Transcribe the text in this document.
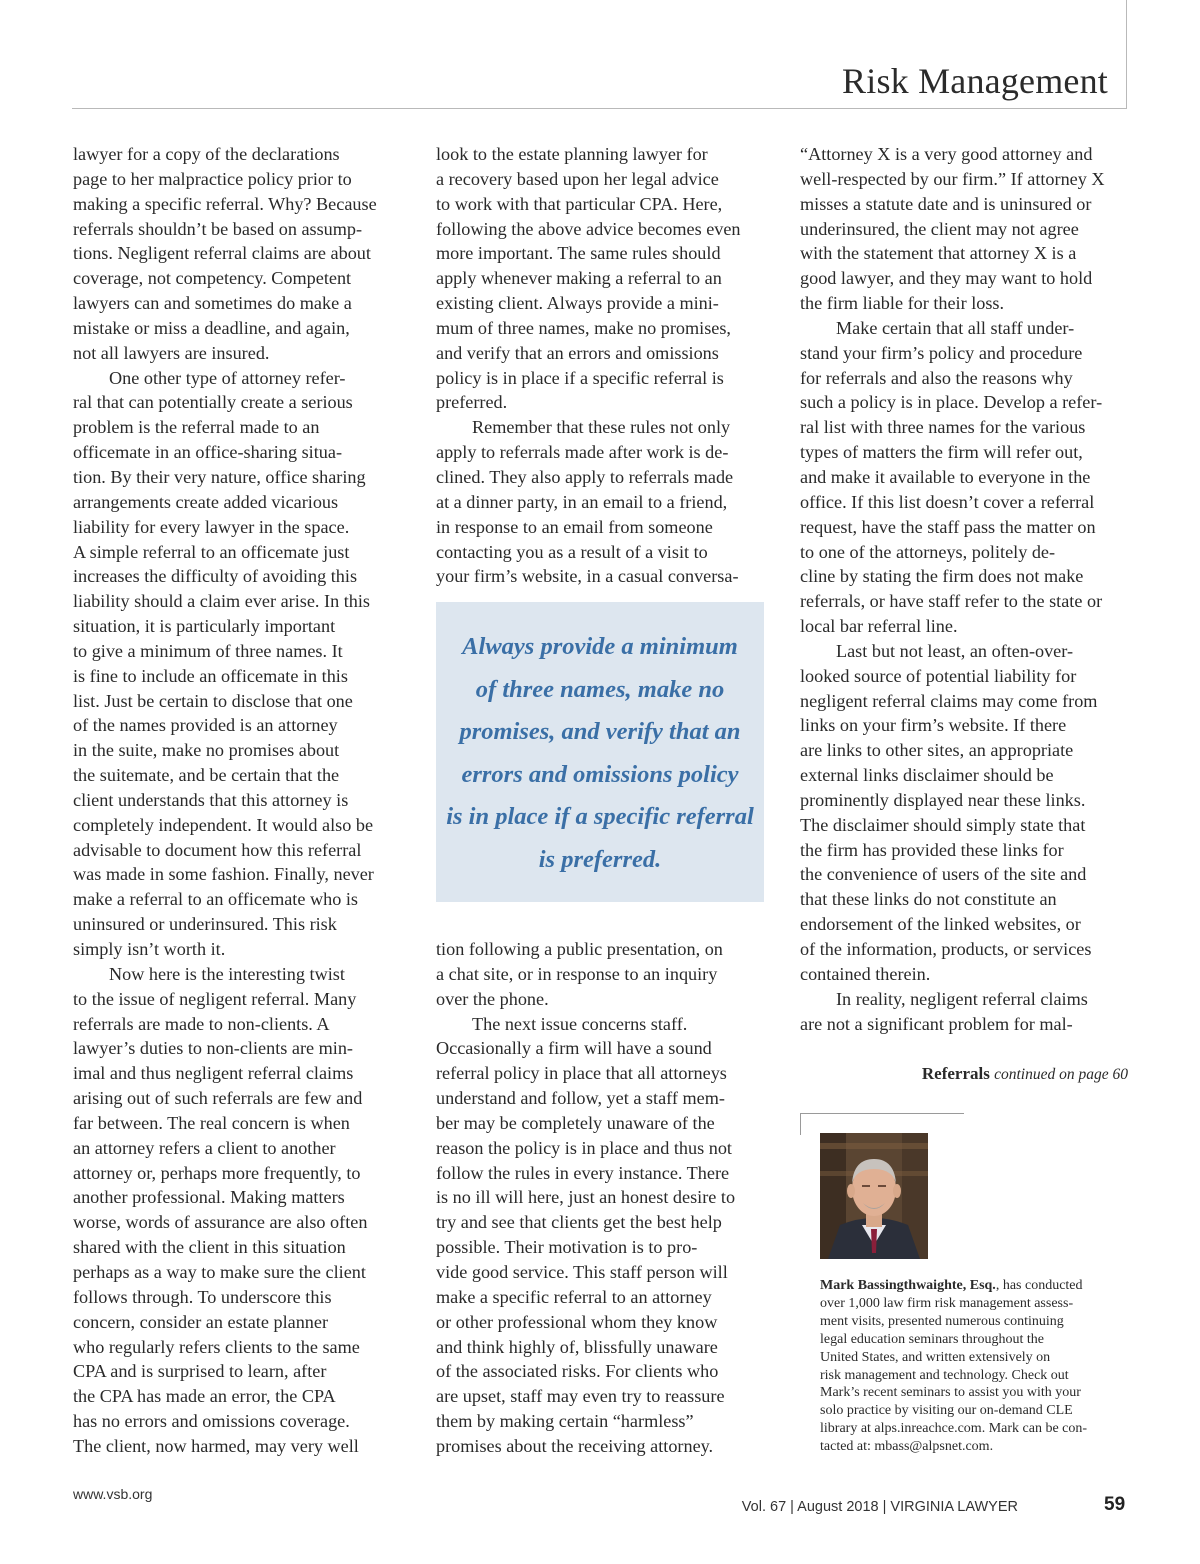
Risk Management

lawyer for a copy of the declarations
page to her malpractice policy prior to
making a specific referral. Why? Because
referrals shouldn’t be based on assump-
tions. Negligent referral claims are about
coverage, not competency. Competent
lawyers can and sometimes do make a
mistake or miss a deadline, and again,
not all lawyers are insured.

One other type of attorney refer-
ral that can potentially create a serious
problem is the referral made to an
officemate in an office-sharing situa-
tion. By their very nature, office sharing
arrangements create added vicarious
liability for every lawyer in the space.
A simple referral to an officemate just
increases the difficulty of avoiding this
liability should a claim ever arise. In this
situation, it is particularly important
to give a minimum of three names. It
is fine to include an officemate in this
list. Just be certain to disclose that one
of the names provided is an attorney
in the suite, make no promises about
the suitemate, and be certain that the
client understands that this attorney is
completely independent. It would also be
advisable to document how this referral
was made in some fashion. Finally, never
make a referral to an officemate who is
uninsured or underinsured. This risk
simply isn’t worth it.

Now here is the interesting twist
to the issue of negligent referral. Many
referrals are made to non-clients. A
lawyer’s duties to non-clients are min-
imal and thus negligent referral claims
arising out of such referrals are few and
far between. The real concern is when
an attorney refers a client to another
attorney or, perhaps more frequently, to
another professional. Making matters
worse, words of assurance are also often
shared with the client in this situation
perhaps as a way to make sure the client
follows through. To underscore this
concern, consider an estate planner
who regularly refers clients to the same
CPA and is surprised to learn, after
the CPA has made an error, the CPA
has no errors and omissions coverage.
The client, now harmed, may very well

look to the estate planning lawyer for
a recovery based upon her legal advice
to work with that particular CPA. Here,
following the above advice becomes even
more important. The same rules should
apply whenever making a referral to an
existing client. Always provide a mini-
mum of three names, make no promises,
and verify that an errors and omissions
policy is in place if a specific referral is
preferred.

Remember that these rules not only
apply to referrals made after work is de-
clined. They also apply to referrals made
at a dinner party, in an email to a friend,
in response to an email from someone
contacting you as a result of a visit to
your firm’s website, in a casual conversa-

Always provide a minimum
of three names, make no
promises, and verify that an
errors and omissions policy
is in place if a specific referral
is preferred.

tion following a public presentation, on
a chat site, or in response to an inquiry
over the phone.

The next issue concerns staff.
Occasionally a firm will have a sound
referral policy in place that all attorneys
understand and follow, yet a staff mem-
ber may be completely unaware of the
reason the policy is in place and thus not
follow the rules in every instance. There
is no ill will here, just an honest desire to
try and see that clients get the best help
possible. Their motivation is to pro-
vide good service. This staff person will
make a specific referral to an attorney
or other professional whom they know
and think highly of, blissfully unaware
of the associated risks. For clients who
are upset, staff may even try to reassure
them by making certain “harmless”
promises about the receiving attorney.

“Attorney X is a very good attorney and
well-respected by our firm.” If attorney X
misses a statute date and is uninsured or
underinsured, the client may not agree
with the statement that attorney X is a
good lawyer, and they may want to hold
the firm liable for their loss.

Make certain that all staff under-
stand your firm’s policy and procedure
for referrals and also the reasons why
such a policy is in place. Develop a refer-
ral list with three names for the various
types of matters the firm will refer out,
and make it available to everyone in the
office. If this list doesn’t cover a referral
request, have the staff pass the matter on
to one of the attorneys, politely de-
cline by stating the firm does not make
referrals, or have staff refer to the state or
local bar referral line.

Last but not least, an often-over-
looked source of potential liability for
negligent referral claims may come from
links on your firm’s website. If there
are links to other sites, an appropriate
external links disclaimer should be
prominently displayed near these links.
The disclaimer should simply state that
the firm has provided these links for
the convenience of users of the site and
that these links do not constitute an
endorsement of the linked websites, or
of the information, products, or services
contained therein.

In reality, negligent referral claims
are not a significant problem for mal-

Referrals continued on page 60
Mark Bassingthwaighte, Esq., has conducted
over 1,000 law firm risk management assess-
ment visits, presented numerous continuing
legal education seminars throughout the
United States, and written extensively on
risk management and technology. Check out
Mark’s recent seminars to assist you with your
solo practice by visiting our on-demand CLE
library at alps.inreachce.com. Mark can be con-
tacted at: mbass@alpsnet.com.
www.vsb.org
Vol. 67 | August 2018 | VIRGINIA LAWYER	59
